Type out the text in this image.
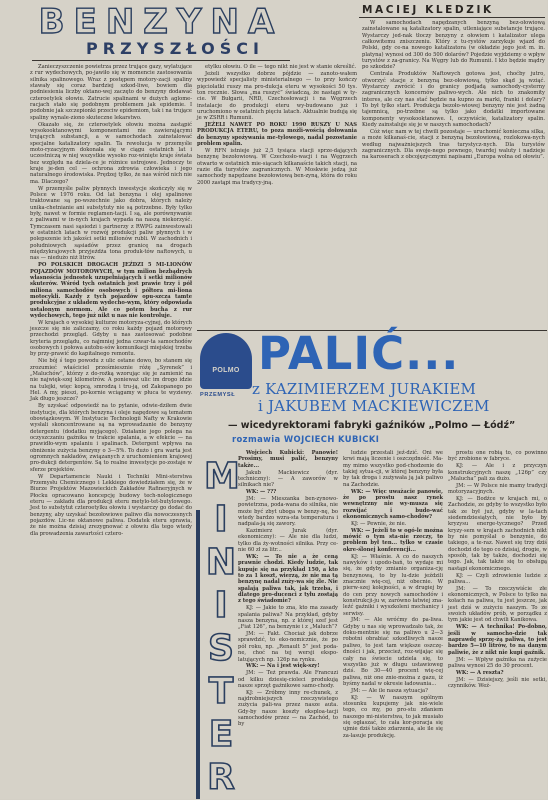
BENZYNA
PRZYSZŁOŚCI
MACIEJ KLEDZIK

Zanieczyszczenie powietrza przez trujące gazy, wylatujące z rur wydechowych, po-jawiło się w momencie zastosowania silnika spalinowego. Wraz z postępem motory-zacji spaliny stawały się coraz bardziej szkod-liwe, bowiem dla podniesienia liczby oktano-wej zaczęto do benzyny dodawać czteroetylek ołowiu. Zatrucie spalinami w dużych aglome-racjach stało się podobnym problemem jak epidemie. I podobnie jak szczepionki przeciw epidemiom, tak i na trujące spaliny wynale-ziono skuteczne lekarstwo.

Okazało się, że czteroetylek ołowiu można zastąpić wysokooktanowymi komponentami nie zawierającymi trujących substancji, a w samochodach zainstalować specjalne katalizatory spalin. Ta rewolucja w przemyśle moto-ryzacyjnym dokonała się w ciągu ostatnich lat i uczestniczą w niej wszystkie wysoko roz-winięte kraje świata bez względu na dziela-ce je różnice ustrojowe. Jednoczy te kraje je-den cel — ochrona zdrowia człowieka i jego naturalnego środowiska. Prędzej tylko, że nas wśród nich nie ma. Dlaczego?

W przemyśle paliw płynnych inwestycje skończyły się w Polsce w 1976 roku. Od lat benzyna i olej spalinowe traktowane są po-wszechnie jako dobra, których należy unika-chetnianie ani substytuty nie są potrzebne. Były tylko były, nawet w formie reglamen-tacji. I są, ale porównywanie z paliwami w in-nych krajach wypada na naszą niekorzyść. Tymczasem nasi sąsiedzi i partnerzy z RWPG zainwestowali w ostatnich latach w rozwój produkcji paliw płynnych i w polepszenie ich jakości setki milionów rubli. W zachodnich i południowych sąsiadów przez granicę na drogach międzykrajowych przyjeżdża tona produk-tów naftowych, u nas — niedużo niż litrów.

PO POLSKICH DROGACH JEŹDZI 5 MI-LIONÓW POJAZDÓW MOTOROWYCH, w tym milion bezbądrych wlasnościa jednostek uzupełniających i setki milionów skuterów. Wśród tych ostatnich jest prawie trzy i pół miliona samochodów osobowych i półtora mi-liona motocykli. Każdy z tych pojazdów opu-szcza tamte produkcyjne z układem wydecho-wym, który odpowiada ustalonym normom. Ale co potem bucha z rur wydechowych, tego już nikt u nas nie kontroluje.

W krajach o wysokiej kulturze motoryza-cyjnej, do których jeszcze się nie zaliczamy, co roku każdy pojazd motorowy przechodzi przegląd. Gdyby u nas zastosować podobne kryteria przeglądu, co najmniej jedna czwar-ta samochodów osobowych i połowa autobu-sów komunikacji miejskiej trzeba by przy-prawić do kapitalnego remontu.

Nie bój ś tego powodu z ulic ostane dowo, bo stanem się zrozumieć właściciel prześmiesznie różę „Syrenek” i „Maluchów”, którzy z do-rożką wzorując się je zamienić na nie najwięk-szej kilometrów. A ponieważ ulic im drogo idzie na tulejki, więc kopcą, smrodzą i tru-ją, od Zakopanego po Hel. A my, pieszi, po-kornie wciągamy w płuca te wyziewy. Jak długo jeszcze?

By uzyskać odpowiedź na to pytanie, odwie-dziłem dwie instytucje, dla których benzyna i oleje napędowe są tematem obowiązkowym. W Instytucie Technologii Nafty w Krakowie wysłali skoncentrowane są na wprowadzanie do benzyny detergentu (dodatku myjącego). Działanie jego polega na oczyszczaniu gaźnika w trakcie spalania, a w efekcie — na prawidło-wym spalaniu i spalinach. Detergent wpływa na obniżenie zużycia benzyny o 3—5%. To dużo i gra warta jest ogromnych nakładów, związanych z uruchomieniem krajowej pro-dukcji detergentów. Są to realne inwestycje po-zostaje w sferze projektów.

W Departamencie Nauki i Techniki Mini-sterstwa Przemysłu Chemicznego i Lekkiego dowiedziałem się, że w Biurze Projektów Mazowieckich Zakładów Rafineryjnych w Płocku opracowano koncepcję budowy tech-nologicznego eteru — zakładu dla produkcji eteru metylo-tet-butylowego. Jest to substytut czteroetylku ołowiu i wystarczy go dodać do benzyny, aby uzyskać bezołowiowe paliwo dla nowoczesnych pojazdów. Lic-ne oktanowe paliwa. Dodatek eteru sprawia, że nie można dzisiaj zrezygnować z ołowiu dla tego wtedy dla prowadzenia zawartości cztero-

etylku ołowiu. O ile — tego nikt nie jest w stanie określić.

Jeżeli wszystko dobrze pójdzie — zanoto-wałem wypowiedź specjalisty ministerialnego — to przy kończy pięciolatki ruszy ma pro-dukcja eteru w wysokości 50 tys. ton rocznie. Słowa „ma ruszyć” świadczą, że nastąpi w ty-cie. W Bułgarii, NRD, Czechosłowacji i na Węgrzech instalacje do produkcji eteru wy-budowano już i uruchomiono w ostatnich pięciu latach. Aktualnie budują się je w ZSRR i Rumunii.

JEŻELI NAWET PO ROKU 1990 RUSZY U NAS PRODUKCJA ETERU, to poza możli-wością dołowania do benzyny spożywania me-tylowego, nadal pozostanie problem spalin.

W RFN istnieje już 2,5 tysiąca stacji sprze-dających benzynę bezołowiową. W Czechosło-wacji i na Węgrzech otwarto w ostatnich mie-siącach kilkanaście takich stacji, na razie dla turystów zagranicznych. W Moskwie jedzą już samochody napędzane bezołowiową ben-zyną, która do roku 2000 zastąpi ma tradycy-jną.

W samochodach napędzanych benzyną bez-ołowiową zainstalowane są katalizatory spalin, utleniające substancje trujące. Wystarczy jed-nak tłoczy benzyny z ołowiem i katalizator ulega całkowitemu zniszczeniu. Który z tu-rystów zarzykuje wjazd do Polski, gdy ce-na nowego katalizatora (w okładzie jego jest m. in. platyna) wynosi od 300 do 500 dolarów? Pojedzie wyjdziemy o wpływ turystów z za-granicy. Na Węgry lub do Rumunii. I kto będzie mądry po szkodzie?

Centrala Produktów Naftowych gotowa jest, choćby jutro, otworzyć stacje z benzyną bez-ołowiową, tylko skąd ją wziąć. Wystarczy zwrócić i do granicy podjadą samochody-cysterny zagranicznych koncernów paliwo-wych. Ale nich to znakomity interes, ale czy nas stać będzie na kupno za marki, franki i dolary? To był tylko start. Produkcja bezoło-wiowej benzyny nie jest żadną tajemnicą, po-trzebne są tylko jako dodatki importowane komponenty wysokooktanowe. I, oczywiście, katalizatory spalin. Kiedy zainstaluje się je w naszych samochodach?

Cóż więc nam w tej chwili pozostaje — uruchomić konieczna silka, a może kilkanaś-cie, stacji z benzyną bezołowiową, rozlokowa-nych według najważniejszych tras turystycz-nych. Dla turystów zagranicznych. Dla swoje-nego pewnego, twardej waluty i nadzieje na karoserach z obcojęzycznymi napisami „Europa wolna od ołowiu”.

POLMO
PRZEMYSŁ
PALIĆ...
z KAZIMIERZEM JURAKIEM
i JAKUBEM MACKIEWICZEM
— wicedyrektorami fabryki gaźników „Polmo — Łódź”
rozmawia WOJCIECH KUBICKI
M
I
N
I
S
T
E
R

Wojciech Kubicki: Panowie! Prosimy, musi palić, benzyny także...

Jakub Mackiewicz (dyr. techniczny): — A zaworów w silnikach nie?

WK: — ???

JM: — Mieszanka ben-zynowo-powietrzna, poda-wana do silnika, nie może być zbyt uboga w benzy-nę, bo wtedy bardzo wzra-sta temperatura i nadpala-ją się zawory.

Kazimierz Jurak (dyr. ekonomiczny): — Ale nie dla ludzi, tylko dla ży-wotności silnika. Przy ce-nie 60 zł za litr...

WK: — To nie a że ceną prawnie chodzi. Kiedy ludzie, tak kupuje się na przykład 150, a kto to za 1 koszt, wierzą, że nie ma tą benzynę nadal zuży-wa się źle. Nie spalają paliwa tak, jak trzeba, i dlatego pro-ducenci z tyłu zostają z tego świadomie?

KJ: — Jakie to zna, kto ma zasady spalania paliwa? Na przykład, gdyby nasza benzyna, np. z której szef jest „Fiat 126”, na benzynie i z „Maluch”?

JM: — Fakt. Chociaż jak dobrze sprawdzić, to eko-nomicznie, że po pół roku, np. „Renault 5” jest poda-ne, choć na tej wersji ekspo-latujących np. 126p na rynku.

WK: — Na i jest więk-szy!

JM: — Też prawda. Ale Francuzi od kilku dziesię-cioleci produkują nasze sprzęt gaźnikowe samo-chody.

KJ: — Zróbmy inny re-chunek, z najdrobniejszych rzeczywistego zużycia pali-wa przez nasze auta. Gdy-by nasze koszty eksploa-tacji samochodów przez — na Zachód, to by

ludzie przestali jeź-dzić. Oni we krwi mają liczenie i oszczędność. Ma-my mimo wszystko pod-chodzenie do takiej sytua-cji, w której benzyny była by tak droga i zużywała ją jak paliwo na Zachodzie.

WK: — Więc uważacie panowie, że po prostu nasz rynek wewnętrzny nie wy-musza się rozwijać i budo-wać ekonomicznych samo-chodów?

KJ: — Pewnie, że nie.

WK: — Jeżeli to w ogó-le można mówić o tym sta-nie rzeczy, to problem był ten... tylko w czasie okre-ślonej konferencji...

KJ: — Właśnie. A co do naszych nawyków i upodo-bań, to wydaje mi się, że gdyby zmianio organiza-cję benzynową, to by lu-dzie jeździli znacznie wię-cej, niż obecnie. W pierw-szej kolejności, a w drugiej by do cen przy nowych samochodów i konstrukcji-ju w, zarówno łatwiej zna-leźć gaźniki i wyszkoleni mechanicy i serwisy.

JM: — Ale wróćmy do pa-liwa. Gdyby u nas się wprowadzało tak, że doku-mentnie się na paliwo u 2—3 robotni obrabiać szkodliwych nasze paliwo, to jest tam większe oszczę-dności i jak, przecież, roz-wijając się cały na świecie udziela się, to wszystko już w długu ustawioweg dziś. Bo 30—40 procent wię-cej paliwa, niż one znie-można z gazu, iż byśmy nadal w okresie ładowania...

JM: — Ale ile nasza sytuacja?

KJ: — W naszym ogólnym stosunku kupujemy jak nie-wiele tego, co my, po pro-stu zdaniem naszego mi-nisterstwa, to jak musiało się ogłaszać, to cała kor-poracja się ujmie dziś także zdarzenia, ale ile się za-lasuje produkcję.

prostu one robią to, co powinno być zrobione w fabryce.

KJ: — Ale i z przyczyn konstrukcyjnych naszę „126p” czy „Malucha” pali za dużo.

JM: — W Polsce nie mamy tradycji motoryzacyjnych.

KJ: — Bodźce w krajach mi, o Zachodzie, ze gdyby to wszystko było tak ze był już, gdyby w la-tach siedemdziesiątych, nie było by kryzysu energe-tycznego? Przed kryzy-sem w krajach zachodnich nikt by nie pomyślał o benzynie, do takiego, a te-raz. Nawet się trzy dziś dochodzi do tego co dzisiaj, drogie, w sposób, tak by także, dochodzi się tego. Jak, tak także się to obsługą nastąpi ekonomicznego.

KJ: — Czyli zdrowienie ludzie z paliwa...

JM: — To rzeczywiście złe ekonomicznych, w Polsce to tylko na kołach na paliwa, tu jest jeszcze, jak jest dziś w zużyciu naszym. To ze swoich układów prób, w porządku z tym jakie jest od chwili Kanikowa.

WK: — A technika! Po-dobno, jeśli w samocho-dzie tak naprawdę sprzę-żą paliwa, to jest bardzo 5—10 litrów, to na danym paliwie, że z nikt nie kupi gaźnik.

JM: — Wpływ gaźnika na zużycie paliwa wynosi 25 do 30 procent.

WK: — A reszta?

JM: — Dzisiejszy, jeśli nie setki, czynników. Weź-
